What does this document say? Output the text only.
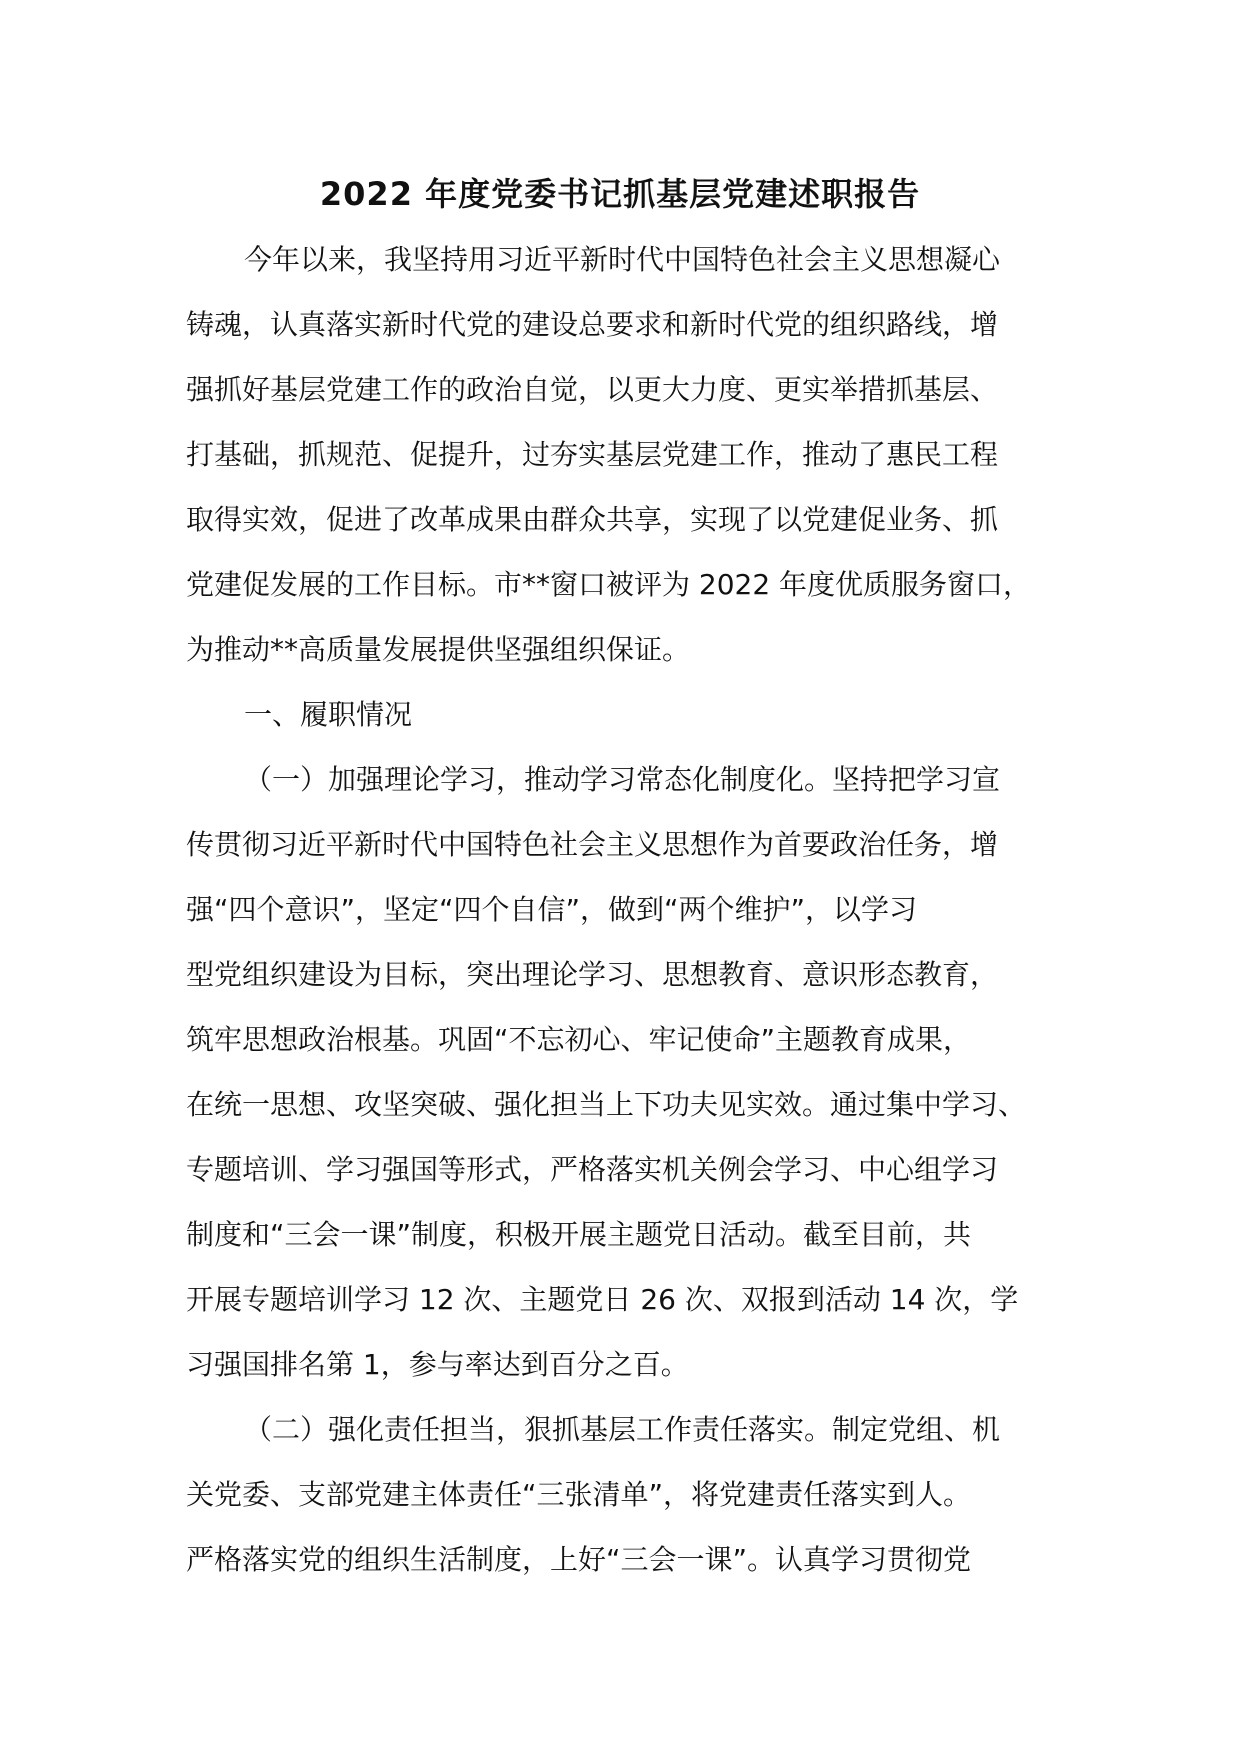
2022 年度党委书记抓基层党建述职报告
今年以来，我坚持用习近平新时代中国特色社会主义思想凝心
铸魂，认真落实新时代党的建设总要求和新时代党的组织路线，增
强抓好基层党建工作的政治自觉，以更大力度、更实举措抓基层、
打基础，抓规范、促提升，过夯实基层党建工作，推动了惠民工程
取得实效，促进了改革成果由群众共享，实现了以党建促业务、抓
党建促发展的工作目标。市**窗口被评为 2022 年度优质服务窗口，
为推动**高质量发展提供坚强组织保证。
一、履职情况
（一）加强理论学习，推动学习常态化制度化。坚持把学习宣
传贯彻习近平新时代中国特色社会主义思想作为首要政治任务，增
强“四个意识”，坚定“四个自信”，做到“两个维护”，以学习
型党组织建设为目标，突出理论学习、思想教育、意识形态教育，
筑牢思想政治根基。巩固“不忘初心、牢记使命”主题教育成果，
在统一思想、攻坚突破、强化担当上下功夫见实效。通过集中学习、
专题培训、学习强国等形式，严格落实机关例会学习、中心组学习
制度和“三会一课”制度，积极开展主题党日活动。截至目前，共
开展专题培训学习 12 次、主题党日 26 次、双报到活动 14 次，学
习强国排名第 1，参与率达到百分之百。
（二）强化责任担当，狠抓基层工作责任落实。制定党组、机
关党委、支部党建主体责任“三张清单”，将党建责任落实到人。
严格落实党的组织生活制度，上好“三会一课”。认真学习贯彻党
